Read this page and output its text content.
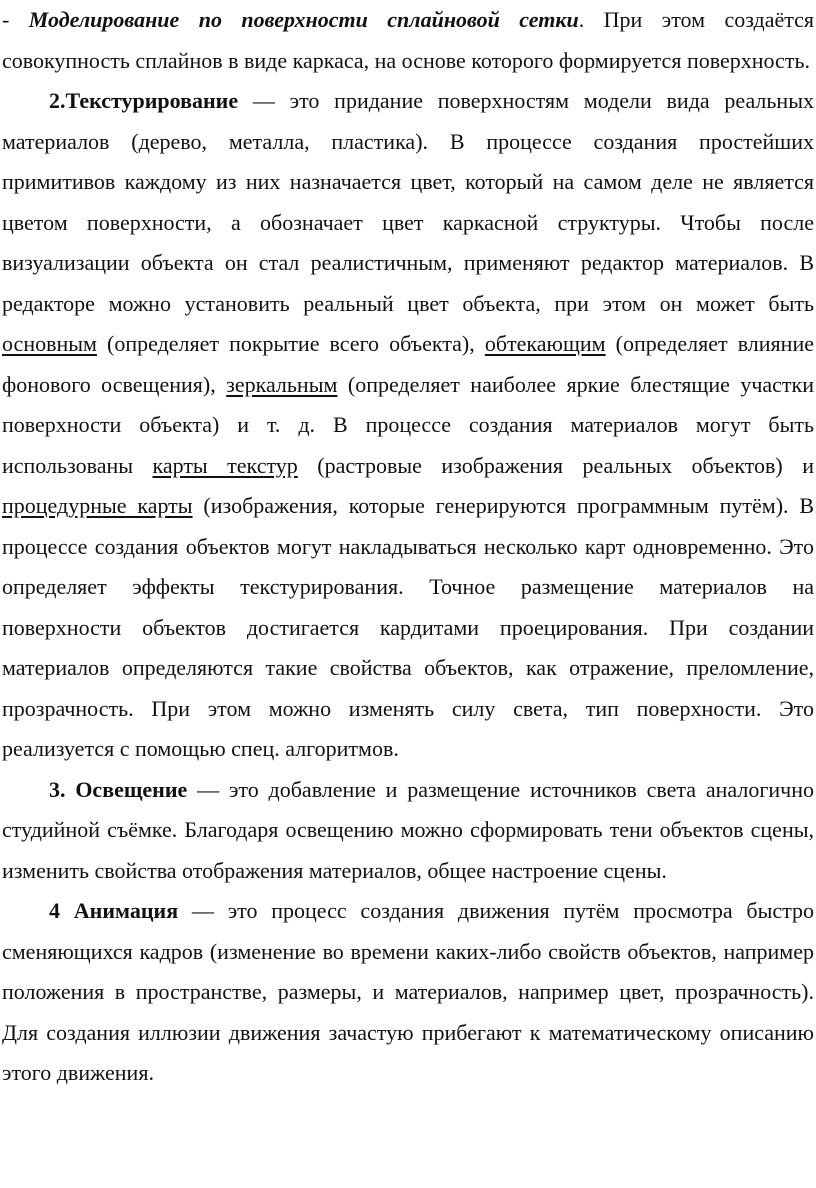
- Моделирование по поверхности сплайновой сетки. При этом создаётся совокупность сплайнов в виде каркаса, на основе которого формируется поверхность.

2.Текстурирование — это придание поверхностям модели вида реальных материалов (дерево, металла, пластика). В процессе создания простейших примитивов каждому из них назначается цвет, который на самом деле не является цветом поверхности, а обозначает цвет каркасной структуры. Чтобы после визуализации объекта он стал реалистичным, применяют редактор материалов. В редакторе можно установить реальный цвет объекта, при этом он может быть основным (определяет покрытие всего объекта), обтекающим (определяет влияние фонового освещения), зеркальным (определяет наиболее яркие блестящие участки поверхности объекта) и т. д. В процессе создания материалов могут быть использованы карты текстур (растровые изображения реальных объектов) и процедурные карты (изображения, которые генерируются программным путём). В процессе создания объектов могут накладываться несколько карт одновременно. Это определяет эффекты текстурирования. Точное размещение материалов на поверхности объектов достигается кардитами проецирования. При создании материалов определяются такие свойства объектов, как отражение, преломление, прозрачность. При этом можно изменять силу света, тип поверхности. Это реализуется с помощью спец. алгоритмов.

3. Освещение — это добавление и размещение источников света аналогично студийной съёмке. Благодаря освещению можно сформировать тени объектов сцены, изменить свойства отображения материалов, общее настроение сцены.

4 Анимация — это процесс создания движения путём просмотра быстро сменяющихся кадров (изменение во времени каких-либо свойств объектов, например положения в пространстве, размеры, и материалов, например цвет, прозрачность). Для создания иллюзии движения зачастую прибегают к математическому описанию этого движения.
